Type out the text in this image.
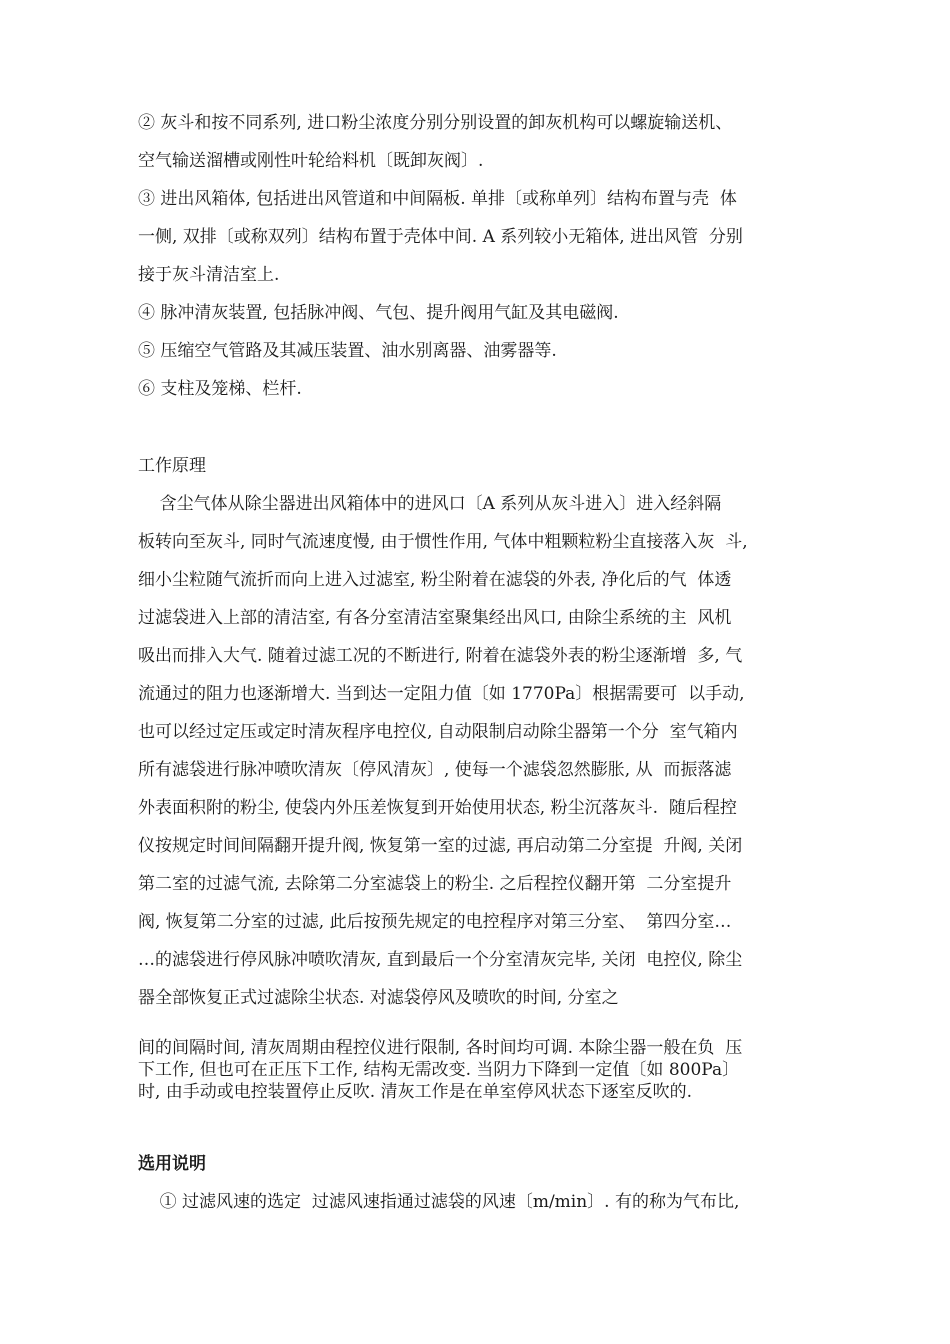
② 灰斗和按不同系列, 进口粉尘浓度分别分别设置的卸灰机构可以螺旋输送机、
空气输送溜槽或刚性叶轮给料机〔既卸灰阀〕.
③ 进出风箱体, 包括进出风管道和中间隔板. 单排〔或称单列〕结构布置与壳  体
一侧, 双排〔或称双列〕结构布置于壳体中间. A 系列较小无箱体, 进出风管  分别
接于灰斗清洁室上.
④ 脉冲清灰装置, 包括脉冲阀、气包、提升阀用气缸及其电磁阀.
⑤ 压缩空气管路及其减压装置、油水别离器、油雾器等.
⑥ 支柱及笼梯、栏杆.
工作原理
含尘气体从除尘器进出风箱体中的进风口〔A 系列从灰斗进入〕进入经斜隔
板转向至灰斗, 同时气流速度慢, 由于惯性作用, 气体中粗颗粒粉尘直接落入灰  斗,
细小尘粒随气流折而向上进入过滤室, 粉尘附着在滤袋的外表, 净化后的气  体透
过滤袋进入上部的清洁室, 有各分室清洁室聚集经出风口, 由除尘系统的主  风机
吸出而排入大气. 随着过滤工况的不断进行, 附着在滤袋外表的粉尘逐渐增  多, 气
流通过的阻力也逐渐增大. 当到达一定阻力值〔如 1770Pa〕根据需要可  以手动,
也可以经过定压或定时清灰程序电控仪, 自动限制启动除尘器第一个分  室气箱内
所有滤袋进行脉冲喷吹清灰〔停风清灰〕, 使每一个滤袋忽然膨胀, 从  而振落滤
外表面积附的粉尘, 使袋内外压差恢复到开始使用状态, 粉尘沉落灰斗.  随后程控
仪按规定时间间隔翻开提升阀, 恢复第一室的过滤, 再启动第二分室提  升阀, 关闭
第二室的过滤气流, 去除第二分室滤袋上的粉尘. 之后程控仪翻开第  二分室提升
阀, 恢复第二分室的过滤, 此后按预先规定的电控程序对第三分室、  第四分室…
…的滤袋进行停风脉冲喷吹清灰, 直到最后一个分室清灰完毕, 关闭  电控仪, 除尘
器全部恢复正式过滤除尘状态. 对滤袋停风及喷吹的时间, 分室之
间的间隔时间, 清灰周期由程控仪进行限制, 各时间均可调. 本除尘器一般在负  压
下工作, 但也可在正压下工作, 结构无需改变. 当阴力下降到一定值〔如 800Pa〕
时, 由手动或电控装置停止反吹. 清灰工作是在单室停风状态下逐室反吹的.
选用说明
① 过滤风速的选定  过滤风速指通过滤袋的风速〔m/min〕. 有的称为气布比,
